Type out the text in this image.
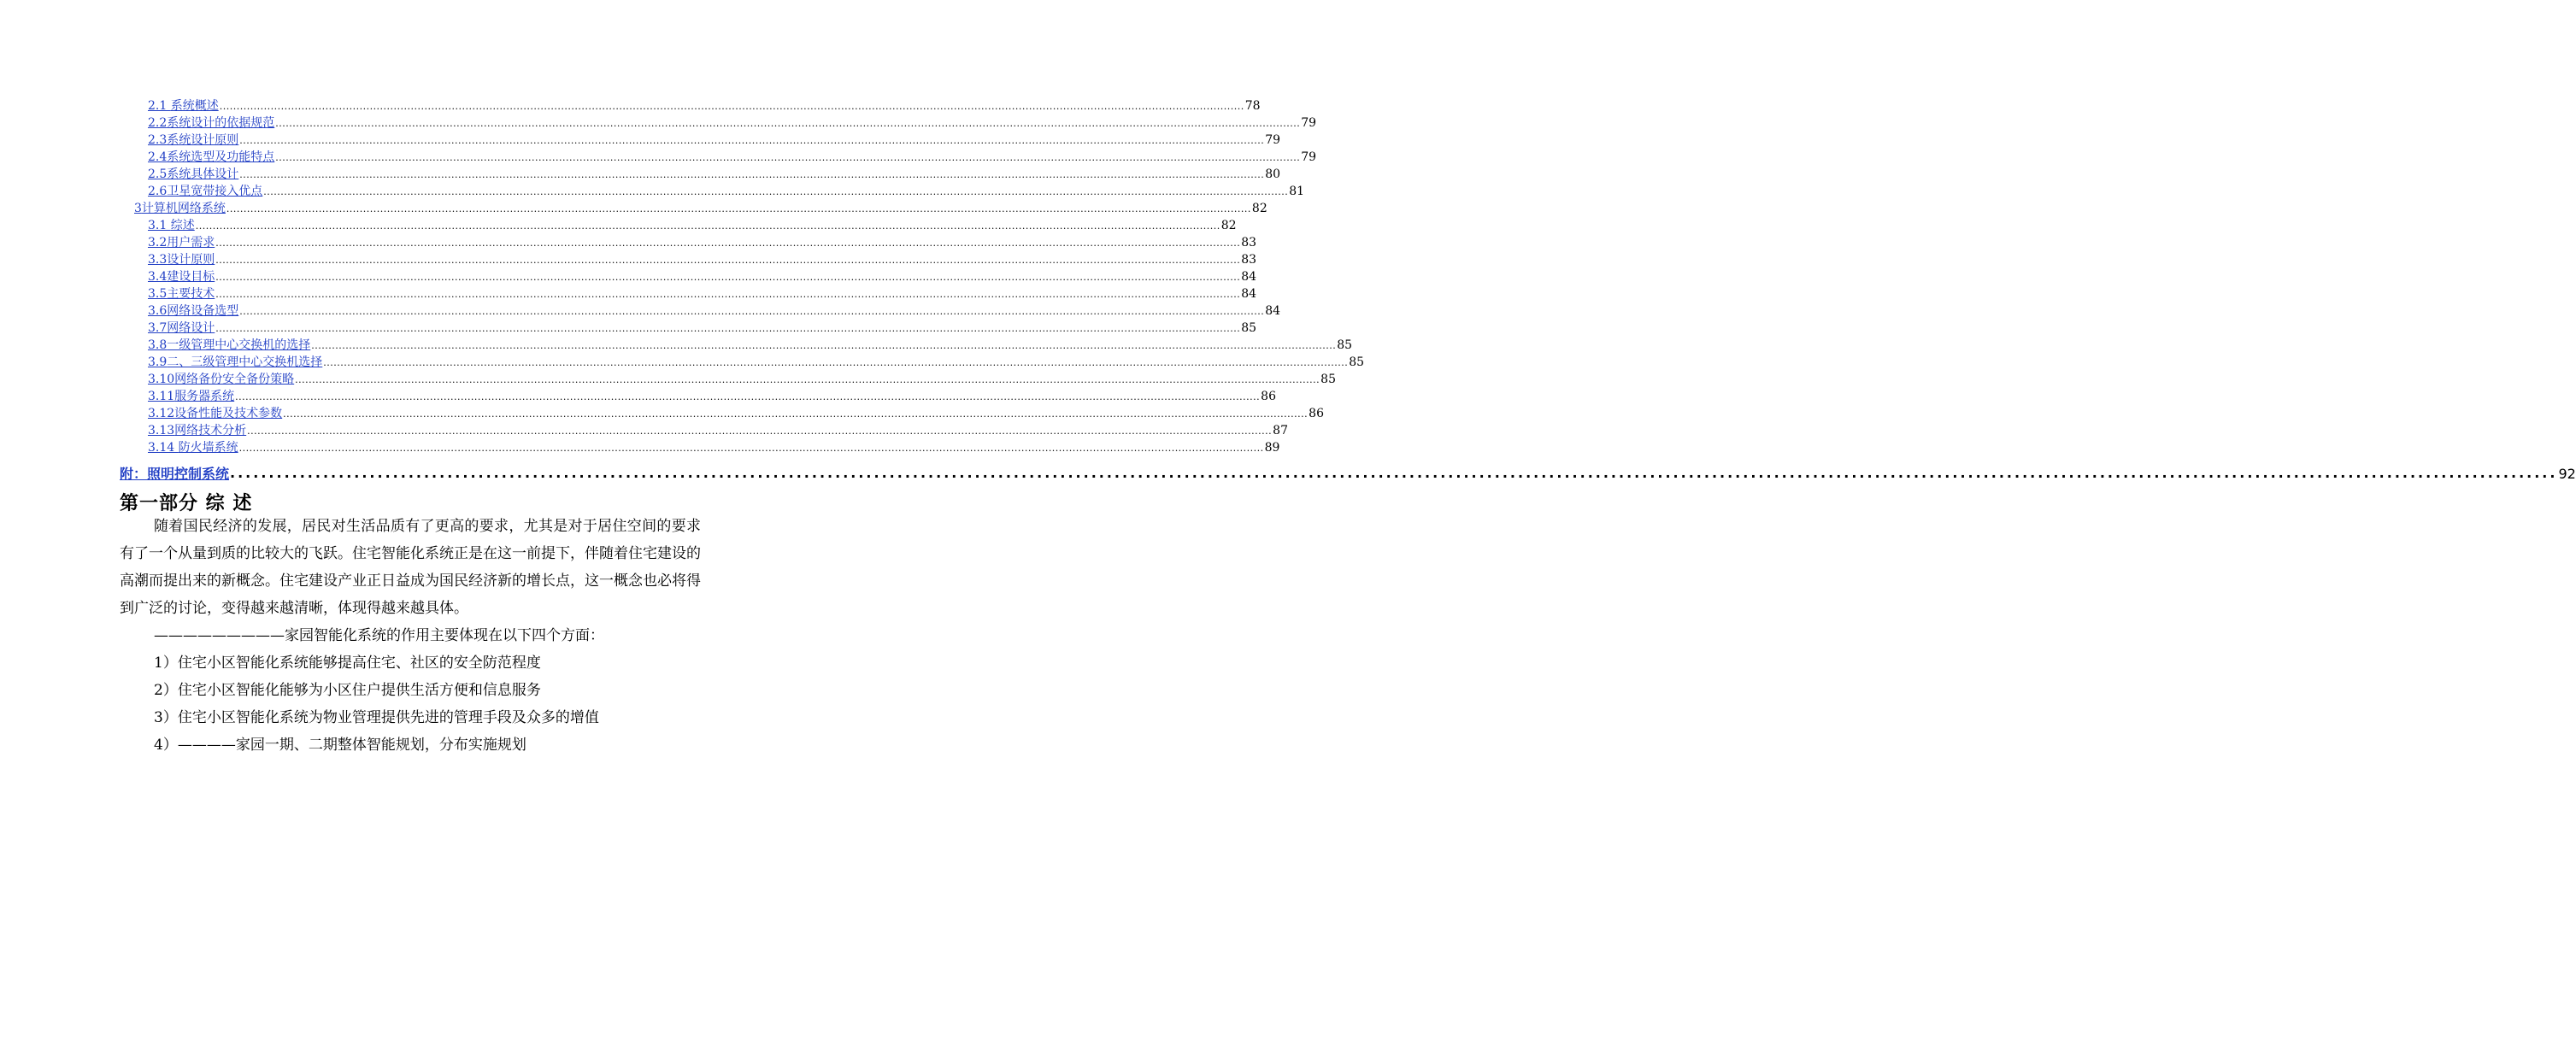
2.1 系统概述 ............................................................................................................................................................................................................................................................................................................ 78
2.2系统设计的依据规范 ............................................................................................................................................................................................................................................................................................................ 79
2.3系统设计原则 ............................................................................................................................................................................................................................................................................................................ 79
2.4系统选型及功能特点 ............................................................................................................................................................................................................................................................................................................ 79
2.5系统具体设计 ............................................................................................................................................................................................................................................................................................................ 80
2.6卫星宽带接入优点 ............................................................................................................................................................................................................................................................................................................ 81
3计算机网络系统 ............................................................................................................................................................................................................................................................................................................ 82
3.1 综述 ............................................................................................................................................................................................................................................................................................................ 82
3.2用户需求 ............................................................................................................................................................................................................................................................................................................ 83
3.3设计原则 ............................................................................................................................................................................................................................................................................................................ 83
3.4建设目标 ............................................................................................................................................................................................................................................................................................................ 84
3.5主要技术 ............................................................................................................................................................................................................................................................................................................ 84
3.6网络设备选型 ............................................................................................................................................................................................................................................................................................................ 84
3.7网络设计 ............................................................................................................................................................................................................................................................................................................ 85
3.8一级管理中心交换机的选择 ............................................................................................................................................................................................................................................................................................................ 85
3.9二、三级管理中心交换机选择 ............................................................................................................................................................................................................................................................................................................ 85
3.10网络备份安全备份策略 ............................................................................................................................................................................................................................................................................................................ 85
3.11服务器系统 ............................................................................................................................................................................................................................................................................................................ 86
3.12设备性能及技术参数 ............................................................................................................................................................................................................................................................................................................ 86
3.13网络技术分析 ............................................................................................................................................................................................................................................................................................................ 87
3.14 防火墙系统 ............................................................................................................................................................................................................................................................................................................ 89
附：照明控制系统 ............................................................................................................................................................................................................................................................................................................ 92
第一部分 综 述

随着国民经济的发展，居民对生活品质有了更高的要求，尤其是对于居住空间的要求有了一个从量到质的比较大的飞跃。住宅智能化系统正是在这一前提下，伴随着住宅建设的高潮而提出来的新概念。住宅建设产业正日益成为国民经济新的增长点，这一概念也必将得到广泛的讨论，变得越来越清晰，体现得越来越具体。

—————————家园智能化系统的作用主要体现在以下四个方面：

1）住宅小区智能化系统能够提高住宅、社区的安全防范程度

2）住宅小区智能化能够为小区住户提供生活方便和信息服务

3）住宅小区智能化系统为物业管理提供先进的管理手段及众多的增值

4）————家园一期、二期整体智能规划，分布实施规划
